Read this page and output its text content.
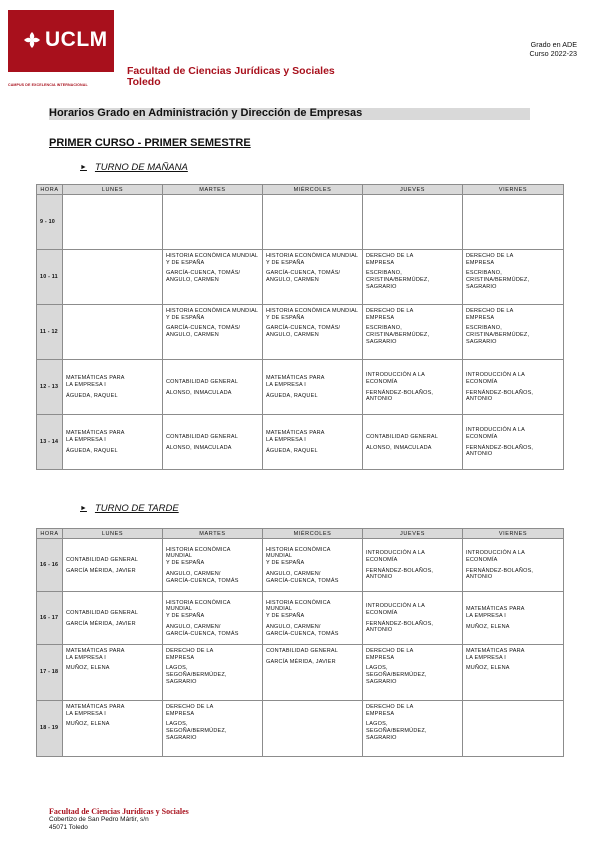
UCLM
CAMPUS DE EXCELENCIA INTERNACIONAL
Facultad de Ciencias Jurídicas y Sociales
Toledo
Grado en ADE
Curso 2022-23
Horarios Grado en Administración y Dirección de Empresas
PRIMER CURSO - PRIMER SEMESTRE
► TURNO DE MAÑANA
HORA	LUNES	MARTES	MIÉRCOLES	JUEVES	VIERNES
9 - 10	

10 - 11		HISTORIA ECONÓMICA MUNDIAL
Y DE ESPAÑA
GARCÍA-CUENCA, TOMÁS/
ANGULO, CARMEN	HISTORIA ECONÓMICA MUNDIAL
Y DE ESPAÑA
GARCÍA-CUENCA, TOMÁS/
ANGULO, CARMEN	DERECHO DE LA
EMPRESA
ESCRIBANO,
CRISTINA/BERMÚDEZ,
SAGRARIO	DERECHO DE LA
EMPRESA
ESCRIBANO,
CRISTINA/BERMÚDEZ,
SAGRARIO

11 - 12		HISTORIA ECONÓMICA MUNDIAL
Y DE ESPAÑA
GARCÍA-CUENCA, TOMÁS/
ANGULO, CARMEN	HISTORIA ECONÓMICA MUNDIAL
Y DE ESPAÑA
GARCÍA-CUENCA, TOMÁS/
ANGULO, CARMEN	DERECHO DE LA
EMPRESA
ESCRIBANO,
CRISTINA/BERMÚDEZ,
SAGRARIO	DERECHO DE LA
EMPRESA
ESCRIBANO,
CRISTINA/BERMÚDEZ,
SAGRARIO

12 - 13	MATEMÁTICAS PARA
LA EMPRESA I
ÁGUEDA, RAQUEL	CONTABILIDAD GENERAL
ALONSO, INMACULADA	MATEMÁTICAS PARA
LA EMPRESA I
ÁGUEDA, RAQUEL	INTRODUCCIÓN A LA
ECONOMÍA
FERNÁNDEZ-BOLAÑOS,
ANTONIO	INTRODUCCIÓN A LA
ECONOMÍA
FERNÁNDEZ-BOLAÑOS,
ANTONIO

13 - 14	MATEMÁTICAS PARA
LA EMPRESA I
ÁGUEDA, RAQUEL	CONTABILIDAD GENERAL
ALONSO, INMACULADA	MATEMÁTICAS PARA
LA EMPRESA I
ÁGUEDA, RAQUEL	CONTABILIDAD GENERAL
ALONSO, INMACULADA	INTRODUCCIÓN A LA
ECONOMÍA
FERNÁNDEZ-BOLAÑOS,
ANTONIO
► TURNO DE TARDE
HORA	LUNES	MARTES	MIÉRCOLES	JUEVES	VIERNES
16 - 16	CONTABILIDAD GENERAL
GARCÍA MÉRIDA, JAVIER	HISTORIA ECONÓMICA
MUNDIAL
Y DE ESPAÑA
ANGULO, CARMEN/
GARCÍA-CUENCA, TOMÁS	HISTORIA ECONÓMICA
MUNDIAL
Y DE ESPAÑA
ANGULO, CARMEN/
GARCÍA-CUENCA, TOMÁS	INTRODUCCIÓN A LA
ECONOMÍA
FERNÁNDEZ-BOLAÑOS,
ANTONIO	INTRODUCCIÓN A LA
ECONOMÍA
FERNÁNDEZ-BOLAÑOS,
ANTONIO

16 - 17	CONTABILIDAD GENERAL
GARCÍA MÉRIDA, JAVIER	HISTORIA ECONÓMICA
MUNDIAL
Y DE ESPAÑA
ANGULO, CARMEN/
GARCÍA-CUENCA, TOMÁS	HISTORIA ECONÓMICA
MUNDIAL
Y DE ESPAÑA
ANGULO, CARMEN/
GARCÍA-CUENCA, TOMÁS	INTRODUCCIÓN A LA
ECONOMÍA
FERNÁNDEZ-BOLAÑOS,
ANTONIO	MATEMÁTICAS PARA
LA EMPRESA I
MUÑOZ, ELENA

17 - 18	MATEMÁTICAS PARA
LA EMPRESA I
MUÑOZ, ELENA	DERECHO DE LA
EMPRESA
LAGOS,
SEGOÑA/BERMÚDEZ,
SAGRARIO	CONTABILIDAD GENERAL
GARCÍA MÉRIDA, JAVIER	DERECHO DE LA
EMPRESA
LAGOS,
SEGOÑA/BERMÚDEZ,
SAGRARIO	MATEMÁTICAS PARA
LA EMPRESA I
MUÑOZ, ELENA

18 - 19	MATEMÁTICAS PARA
LA EMPRESA I
MUÑOZ, ELENA	DERECHO DE LA
EMPRESA
LAGOS,
SEGOÑA/BERMÚDEZ,
SAGRARIO		DERECHO DE LA
EMPRESA
LAGOS,
SEGOÑA/BERMÚDEZ,
SAGRARIO	

Facultad de Ciencias Jurídicas y Sociales
Cobertizo de San Pedro Mártir, s/n
45071 Toledo
